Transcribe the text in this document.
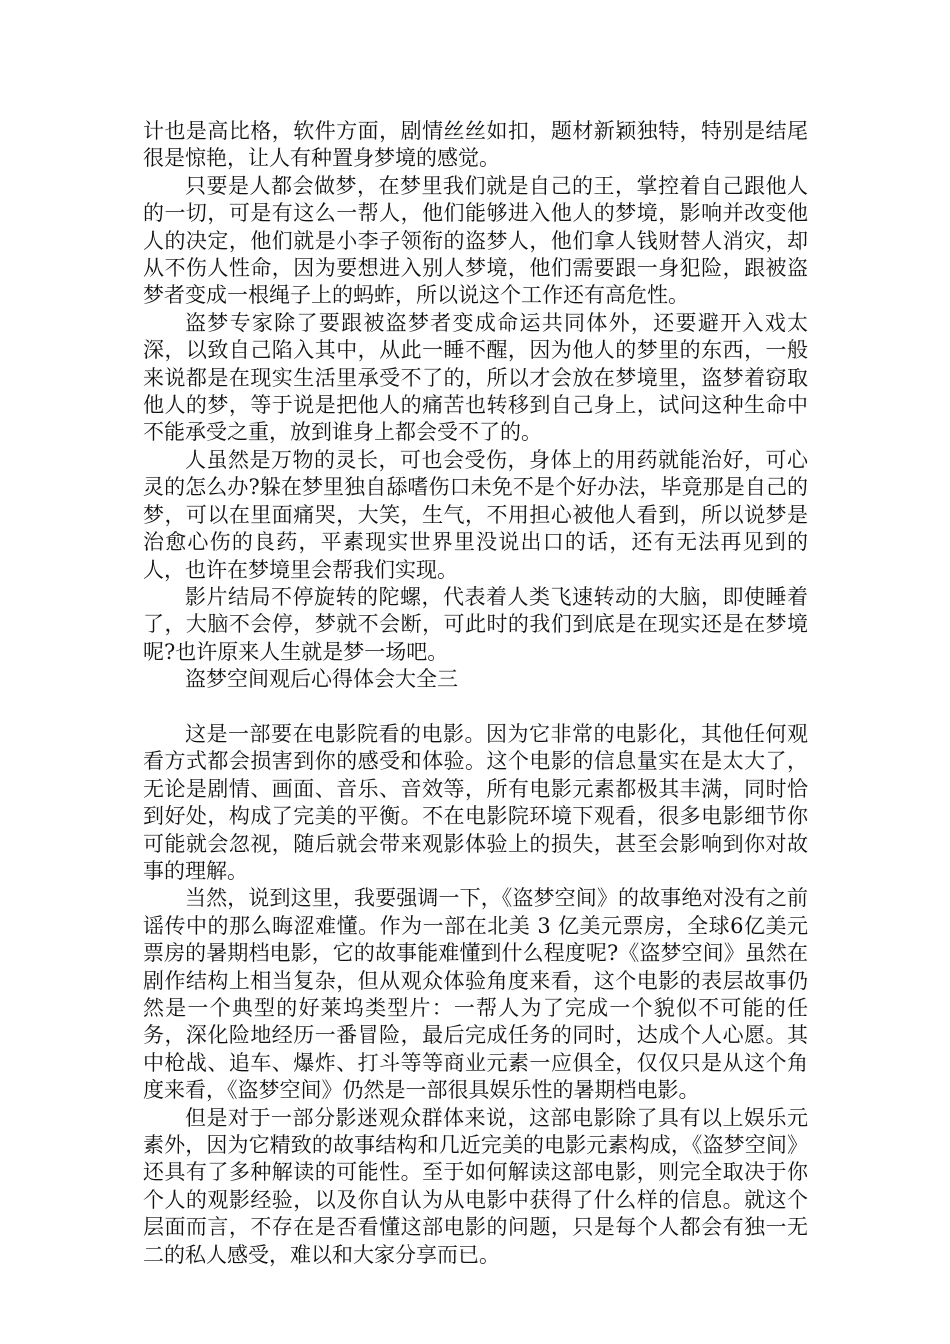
计也是高比格，软件方面，剧情丝丝如扣，题材新颖独特，特别是结尾很是惊艳，让人有种置身梦境的感觉。

只要是人都会做梦，在梦里我们就是自己的王，掌控着自己跟他人的一切，可是有这么一帮人，他们能够进入他人的梦境，影响并改变他人的决定，他们就是小李子领衔的盗梦人，他们拿人钱财替人消灾，却从不伤人性命，因为要想进入别人梦境，他们需要跟一身犯险，跟被盗梦者变成一根绳子上的蚂蚱，所以说这个工作还有高危性。

盗梦专家除了要跟被盗梦者变成命运共同体外，还要避开入戏太深，以致自己陷入其中，从此一睡不醒，因为他人的梦里的东西，一般来说都是在现实生活里承受不了的，所以才会放在梦境里，盗梦着窃取他人的梦，等于说是把他人的痛苦也转移到自己身上，试问这种生命中不能承受之重，放到谁身上都会受不了的。

人虽然是万物的灵长，可也会受伤，身体上的用药就能治好，可心灵的怎么办?躲在梦里独自舔嗜伤口未免不是个好办法，毕竟那是自己的梦，可以在里面痛哭，大笑，生气，不用担心被他人看到，所以说梦是治愈心伤的良药，平素现实世界里没说出口的话，还有无法再见到的人，也许在梦境里会帮我们实现。

影片结局不停旋转的陀螺，代表着人类飞速转动的大脑，即使睡着了，大脑不会停，梦就不会断，可此时的我们到底是在现实还是在梦境呢?也许原来人生就是梦一场吧。

盗梦空间观后心得体会大全三

这是一部要在电影院看的电影。因为它非常的电影化，其他任何观看方式都会损害到你的感受和体验。这个电影的信息量实在是太大了，无论是剧情、画面、音乐、音效等，所有电影元素都极其丰满，同时恰到好处，构成了完美的平衡。不在电影院环境下观看，很多电影细节你可能就会忽视，随后就会带来观影体验上的损失，甚至会影响到你对故事的理解。

当然，说到这里，我要强调一下，《盗梦空间》的故事绝对没有之前谣传中的那么晦涩难懂。作为一部在北美 3 亿美元票房，全球6亿美元票房的暑期档电影，它的故事能难懂到什么程度呢?《盗梦空间》虽然在剧作结构上相当复杂，但从观众体验角度来看，这个电影的表层故事仍然是一个典型的好莱坞类型片：一帮人为了完成一个貌似不可能的任务，深化险地经历一番冒险，最后完成任务的同时，达成个人心愿。其中枪战、追车、爆炸、打斗等等商业元素一应俱全，仅仅只是从这个角度来看，《盗梦空间》仍然是一部很具娱乐性的暑期档电影。

但是对于一部分影迷观众群体来说，这部电影除了具有以上娱乐元素外，因为它精致的故事结构和几近完美的电影元素构成，《盗梦空间》还具有了多种解读的可能性。至于如何解读这部电影，则完全取决于你个人的观影经验，以及你自认为从电影中获得了什么样的信息。就这个层面而言，不存在是否看懂这部电影的问题，只是每个人都会有独一无二的私人感受，难以和大家分享而已。
